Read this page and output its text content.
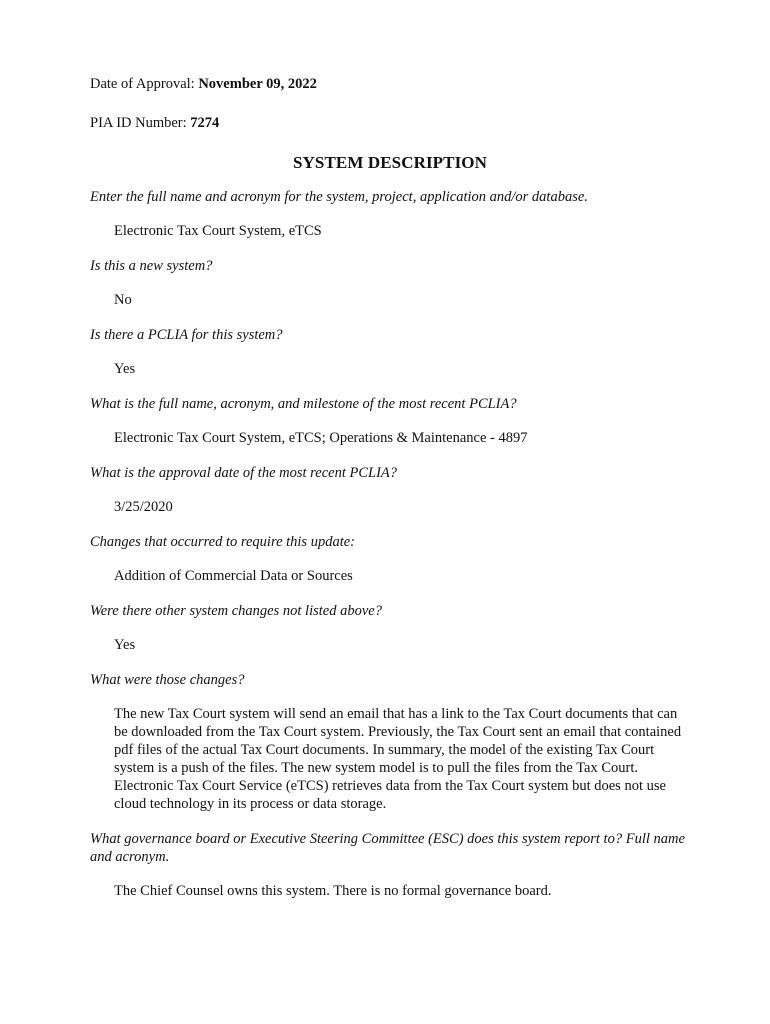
Date of Approval: November 09, 2022

PIA ID Number: 7274

SYSTEM DESCRIPTION

Enter the full name and acronym for the system, project, application and/or database.

Electronic Tax Court System, eTCS

Is this a new system?

No

Is there a PCLIA for this system?

Yes

What is the full name, acronym, and milestone of the most recent PCLIA?

Electronic Tax Court System, eTCS; Operations & Maintenance - 4897

What is the approval date of the most recent PCLIA?

3/25/2020

Changes that occurred to require this update:

Addition of Commercial Data or Sources

Were there other system changes not listed above?

Yes

What were those changes?

The new Tax Court system will send an email that has a link to the Tax Court documents that can be downloaded from the Tax Court system. Previously, the Tax Court sent an email that contained pdf files of the actual Tax Court documents. In summary, the model of the existing Tax Court system is a push of the files. The new system model is to pull the files from the Tax Court. Electronic Tax Court Service (eTCS) retrieves data from the Tax Court system but does not use cloud technology in its process or data storage.

What governance board or Executive Steering Committee (ESC) does this system report to? Full name and acronym.

The Chief Counsel owns this system. There is no formal governance board.
